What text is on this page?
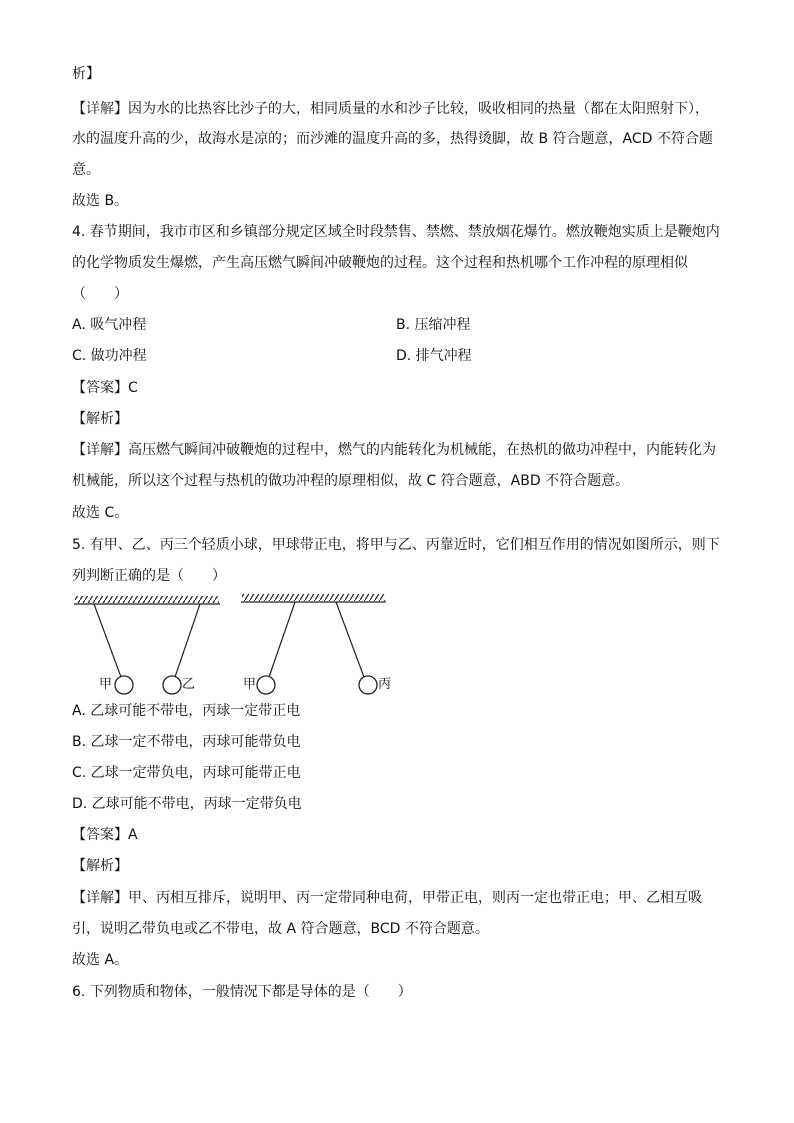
析】
【详解】因为水的比热容比沙子的大，相同质量的水和沙子比较，吸收相同的热量（都在太阳照射下），
水的温度升高的少，故海水是凉的；而沙滩的温度升高的多，热得烫脚，故 B 符合题意，ACD 不符合题
意。
故选 B。
4. 春节期间，我市市区和乡镇部分规定区域全时段禁售、禁燃、禁放烟花爆竹。燃放鞭炮实质上是鞭炮内
的化学物质发生爆燃，产生高压燃气瞬间冲破鞭炮的过程。这个过程和热机哪个工作冲程的原理相似
（　　）
A. 吸气冲程	B. 压缩冲程
C. 做功冲程	D. 排气冲程
【答案】C
【解析】
【详解】高压燃气瞬间冲破鞭炮的过程中，燃气的内能转化为机械能，在热机的做功冲程中，内能转化为
机械能，所以这个过程与热机的做功冲程的原理相似，故 C 符合题意，ABD 不符合题意。
故选 C。
5. 有甲、乙、丙三个轻质小球，甲球带正电，将甲与乙、丙靠近时，它们相互作用的情况如图所示，则下
列判断正确的是（　　）
甲	乙	甲	丙
A. 乙球可能不带电，丙球一定带正电
B. 乙球一定不带电，丙球可能带负电
C. 乙球一定带负电，丙球可能带正电
D. 乙球可能不带电，丙球一定带负电
【答案】A
【解析】
【详解】甲、丙相互排斥，说明甲、丙一定带同种电荷，甲带正电，则丙一定也带正电；甲、乙相互吸
引，说明乙带负电或乙不带电，故 A 符合题意，BCD 不符合题意。
故选 A。
6. 下列物质和物体，一般情况下都是导体的是（　　）
